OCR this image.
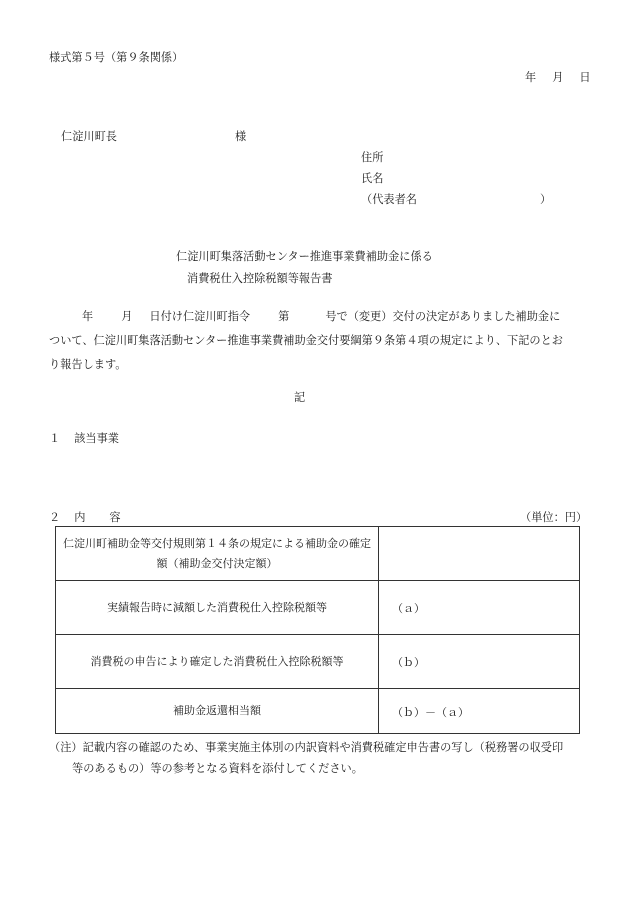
様式第５号（第９条関係）
年 月 日
仁淀川町長	様
住所
氏名
（代表者名	）
仁淀川町集落活動センター推進事業費補助金に係る
消費税仕入控除税額等報告書

年	月 日付け仁淀川町指令	第	号で（変更）交付の決定がありました補助金に

ついて、仁淀川町集落活動センター推進事業費補助金交付要綱第９条第４項の規定により、下記のとお

り報告します。

記
１ 該当事業
２ 内 容	（単位：円）
仁淀川町補助金等交付規則第１４条の規定による補助金の確定
額（補助金交付決定額）	

実績報告時に減額した消費税仕入控除税額等	（ａ）

消費税の申告により確定した消費税仕入控除税額等	（ｂ）

補助金返還相当額	（ｂ）－（ａ）
（注）記載内容の確認のため、事業実施主体別の内訳資料や消費税確定申告書の写し（税務署の収受印
等のあるもの）等の参考となる資料を添付してください。
